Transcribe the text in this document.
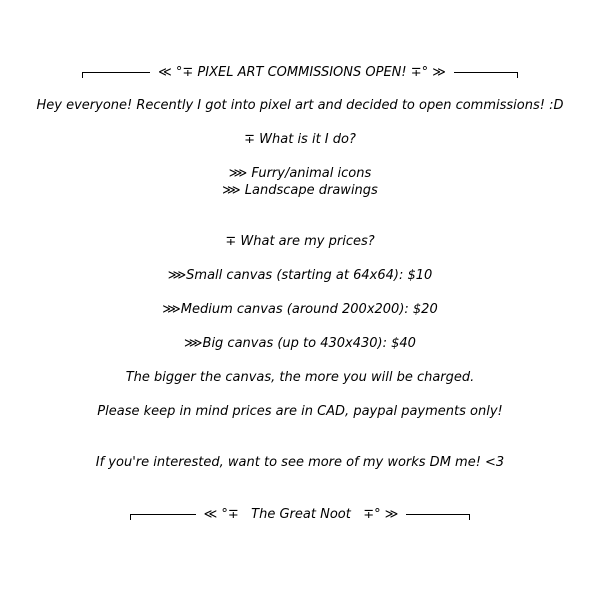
≪ °∓ PIXEL ART COMMISSIONS OPEN! ∓° ≫
Hey everyone! Recently I got into pixel art and decided to open commissions! :D
∓ What is it I do?
⋙ Furry/animal icons
⋙ Landscape drawings
∓ What are my prices?
⋙Small canvas (starting at 64x64): $10
⋙Medium canvas (around 200x200): $20
⋙Big canvas (up to 430x430): $40
The bigger the canvas, the more you will be charged.
Please keep in mind prices are in CAD, paypal payments only!
If you're interested, want to see more of my works DM me! <3
≪ °∓   The Great Noot   ∓° ≫
